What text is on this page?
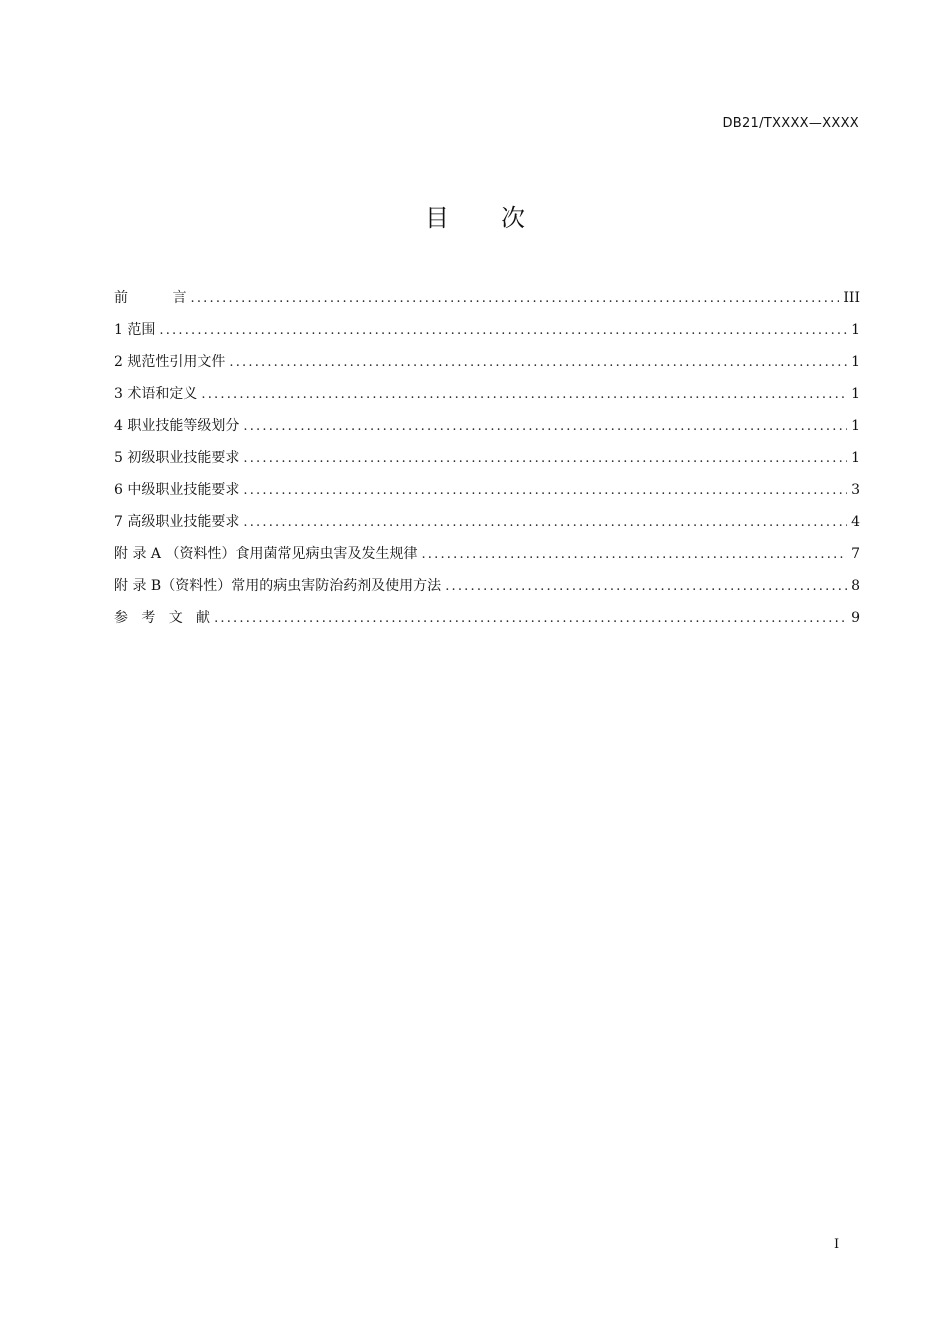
DB21/TXXXX—XXXX
目 次
前          言 .....	III
1 范围 .....	1
2 规范性引用文件 .....	1
3 术语和定义 .....	1
4 职业技能等级划分 .....	1
5 初级职业技能要求 .....	1
6 中级职业技能要求 .....	3
7 高级职业技能要求 .....	4
附 录 A （资料性）食用菌常见病虫害及发生规律 .....	7
附 录 B（资料性）常用的病虫害防治药剂及使用方法 .....	8
参   考   文   献 .....	9
I
